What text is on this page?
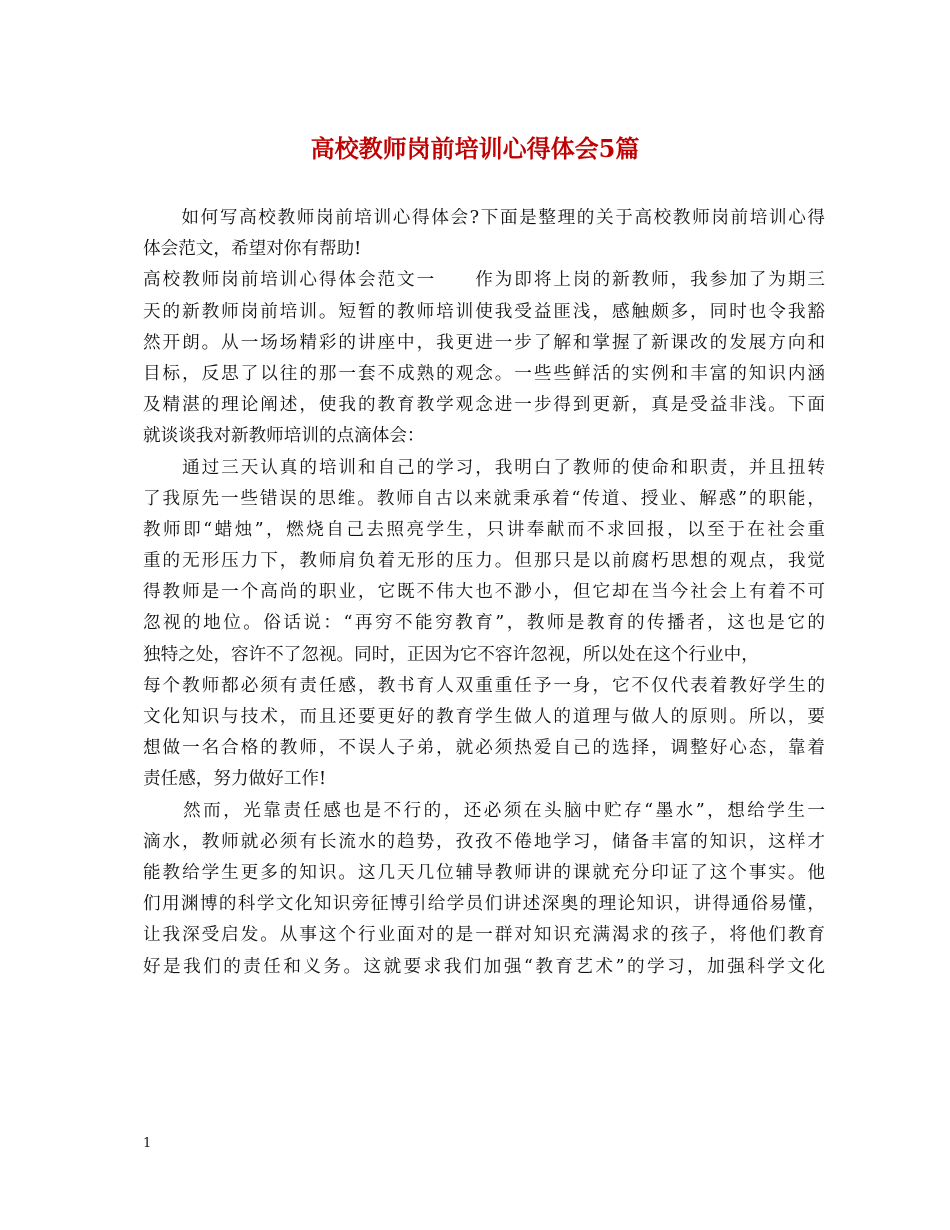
高校教师岗前培训心得体会5篇
　　如何写高校教师岗前培训心得体会?下面是整理的关于高校教师岗前培训心得
体会范文，希望对你有帮助!
高校教师岗前培训心得体会范文一　　作为即将上岗的新教师，我参加了为期三
天的新教师岗前培训。短暂的教师培训使我受益匪浅，感触颇多，同时也令我豁
然开朗。从一场场精彩的讲座中，我更进一步了解和掌握了新课改的发展方向和
目标，反思了以往的那一套不成熟的观念。一些些鲜活的实例和丰富的知识内涵
及精湛的理论阐述，使我的教育教学观念进一步得到更新，真是受益非浅。下面
就谈谈我对新教师培训的点滴体会：
　　通过三天认真的培训和自己的学习，我明白了教师的使命和职责，并且扭转
了我原先一些错误的思维。教师自古以来就秉承着“传道、授业、解惑”的职能，
教师即“蜡烛”，燃烧自己去照亮学生，只讲奉献而不求回报，以至于在社会重
重的无形压力下，教师肩负着无形的压力。但那只是以前腐朽思想的观点，我觉
得教师是一个高尚的职业，它既不伟大也不渺小，但它却在当今社会上有着不可
忽视的地位。俗话说：“再穷不能穷教育”，教师是教育的传播者，这也是它的
独特之处，容许不了忽视。同时，正因为它不容许忽视，所以处在这个行业中，
每个教师都必须有责任感，教书育人双重重任予一身，它不仅代表着教好学生的
文化知识与技术，而且还要更好的教育学生做人的道理与做人的原则。所以，要
想做一名合格的教师，不误人子弟，就必须热爱自己的选择，调整好心态，靠着
责任感，努力做好工作!
　　然而，光靠责任感也是不行的，还必须在头脑中贮存“墨水”，想给学生一
滴水，教师就必须有长流水的趋势，孜孜不倦地学习，储备丰富的知识，这样才
能教给学生更多的知识。这几天几位辅导教师讲的课就充分印证了这个事实。他
们用渊博的科学文化知识旁征博引给学员们讲述深奥的理论知识，讲得通俗易懂，
让我深受启发。从事这个行业面对的是一群对知识充满渴求的孩子，将他们教育
好是我们的责任和义务。这就要求我们加强“教育艺术”的学习，加强科学文化
1
